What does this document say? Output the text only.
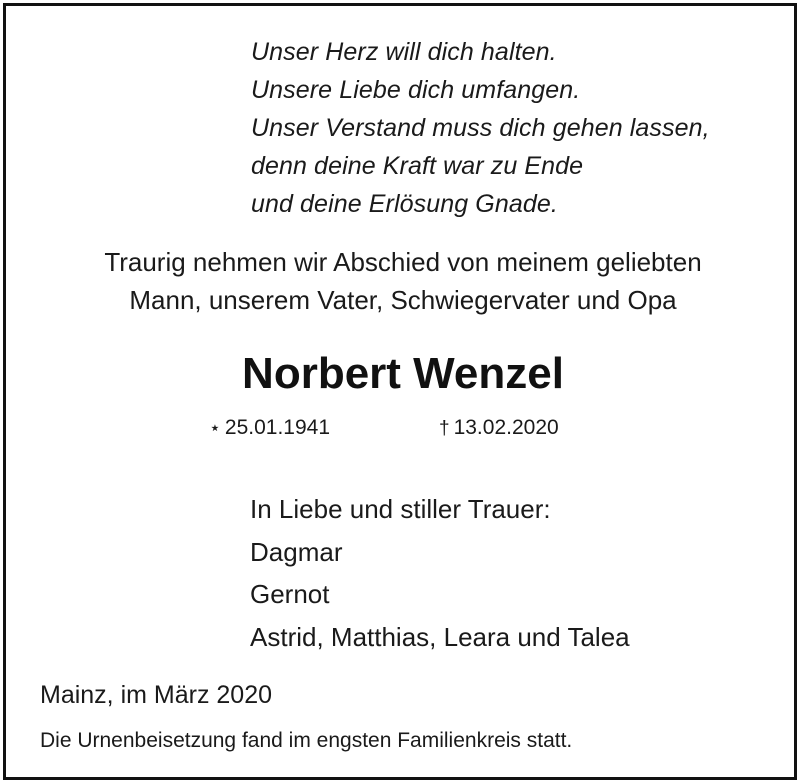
Unser Herz will dich halten.
Unsere Liebe dich umfangen.
Unser Verstand muss dich gehen lassen,
denn deine Kraft war zu Ende
und deine Erlösung Gnade.
Traurig nehmen wir Abschied von meinem geliebten
Mann, unserem Vater, Schwiegervater und Opa
Norbert Wenzel
⋆ 25.01.1941	† 13.02.2020
In Liebe und stiller Trauer:
Dagmar
Gernot
Astrid, Matthias, Leara und Talea
Mainz, im März 2020
Die Urnenbeisetzung fand im engsten Familienkreis statt.
